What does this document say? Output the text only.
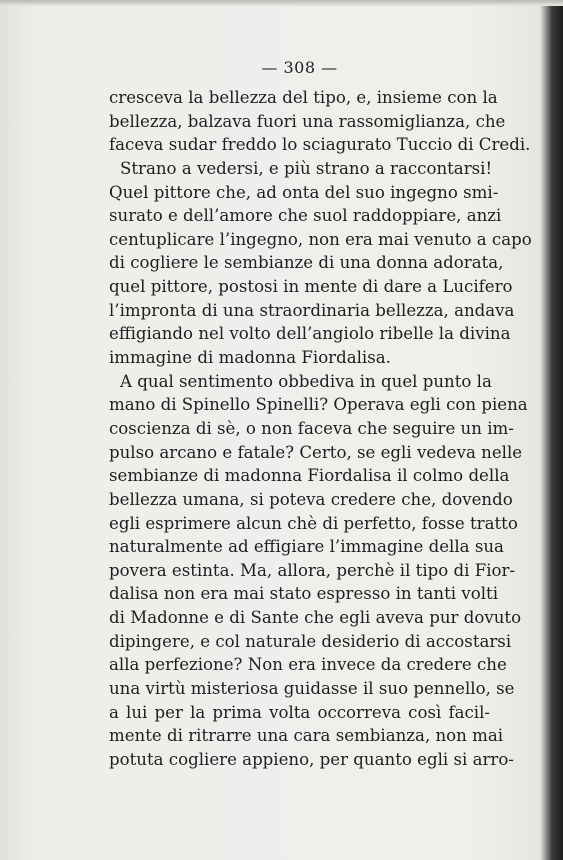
— 308 —
cresceva la bellezza del tipo, e, insieme con la
bellezza, balzava fuori una rassomiglianza, che
faceva sudar freddo lo sciagurato Tuccio di Credi.
Strano a vedersi, e più strano a raccontarsi!
Quel pittore che, ad onta del suo ingegno smi-
surato e dell’amore che suol raddoppiare, anzi
centuplicare l’ingegno, non era mai venuto a capo
di cogliere le sembianze di una donna adorata,
quel pittore, postosi in mente di dare a Lucifero
l’impronta di una straordinaria bellezza, andava
effigiando nel volto dell’angiolo ribelle la divina
immagine di madonna Fiordalisa.
A qual sentimento obbediva in quel punto la
mano di Spinello Spinelli? Operava egli con piena
coscienza di sè, o non faceva che seguire un im-
pulso arcano e fatale? Certo, se egli vedeva nelle
sembianze di madonna Fiordalisa il colmo della
bellezza umana, si poteva credere che, dovendo
egli esprimere alcun chè di perfetto, fosse tratto
naturalmente ad effigiare l’immagine della sua
povera estinta. Ma, allora, perchè il tipo di Fior-
dalisa non era mai stato espresso in tanti volti
di Madonne e di Sante che egli aveva pur dovuto
dipingere, e col naturale desiderio di accostarsi
alla perfezione? Non era invece da credere che
una virtù misteriosa guidasse il suo pennello, se
a lui per la prima volta occorreva così facil-
mente di ritrarre una cara sembianza, non mai
potuta cogliere appieno, per quanto egli si arro-
